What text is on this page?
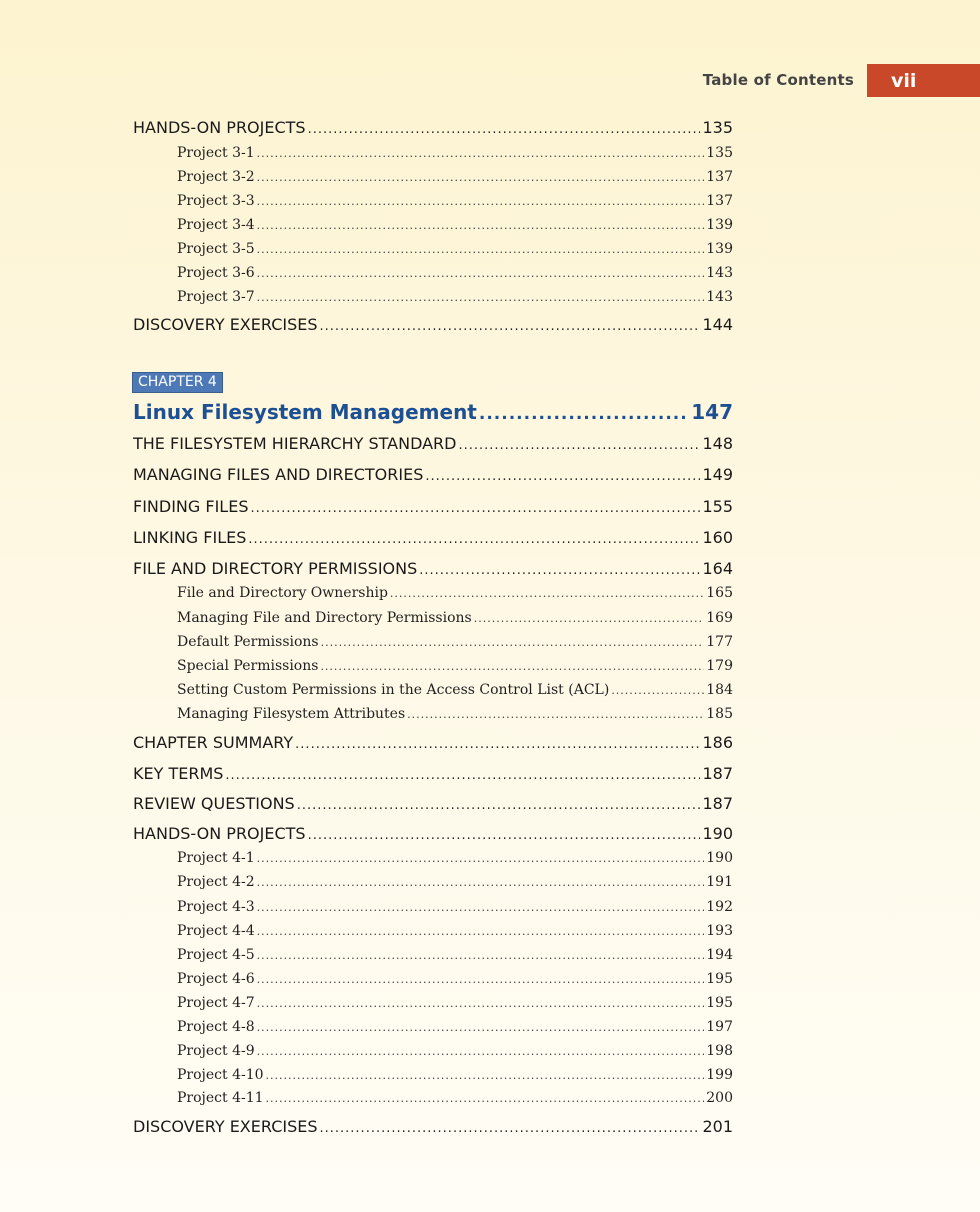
Table of Contents vii
CHAPTER 4
HANDS-ON PROJECTS .....	135
Project 3-1 .....	135
Project 3-2 .....	137
Project 3-3 .....	137
Project 3-4 .....	139
Project 3-5 .....	139
Project 3-6 .....	143
Project 3-7 .....	143
DISCOVERY EXERCISES .....	144
Linux Filesystem Management .....	147
THE FILESYSTEM HIERARCHY STANDARD .....	148
MANAGING FILES AND DIRECTORIES .....	149
FINDING FILES .....	155
LINKING FILES .....	160
FILE AND DIRECTORY PERMISSIONS .....	164
File and Directory Ownership .....	165
Managing File and Directory Permissions .....	169
Default Permissions .....	177
Special Permissions .....	179
Setting Custom Permissions in the Access Control List (ACL) .....	184
Managing Filesystem Attributes .....	185
CHAPTER SUMMARY .....	186
KEY TERMS .....	187
REVIEW QUESTIONS .....	187
HANDS-ON PROJECTS .....	190
Project 4-1 .....	190
Project 4-2 .....	191
Project 4-3 .....	192
Project 4-4 .....	193
Project 4-5 .....	194
Project 4-6 .....	195
Project 4-7 .....	195
Project 4-8 .....	197
Project 4-9 .....	198
Project 4-10 .....	199
Project 4-11 .....	200
DISCOVERY EXERCISES .....	201
